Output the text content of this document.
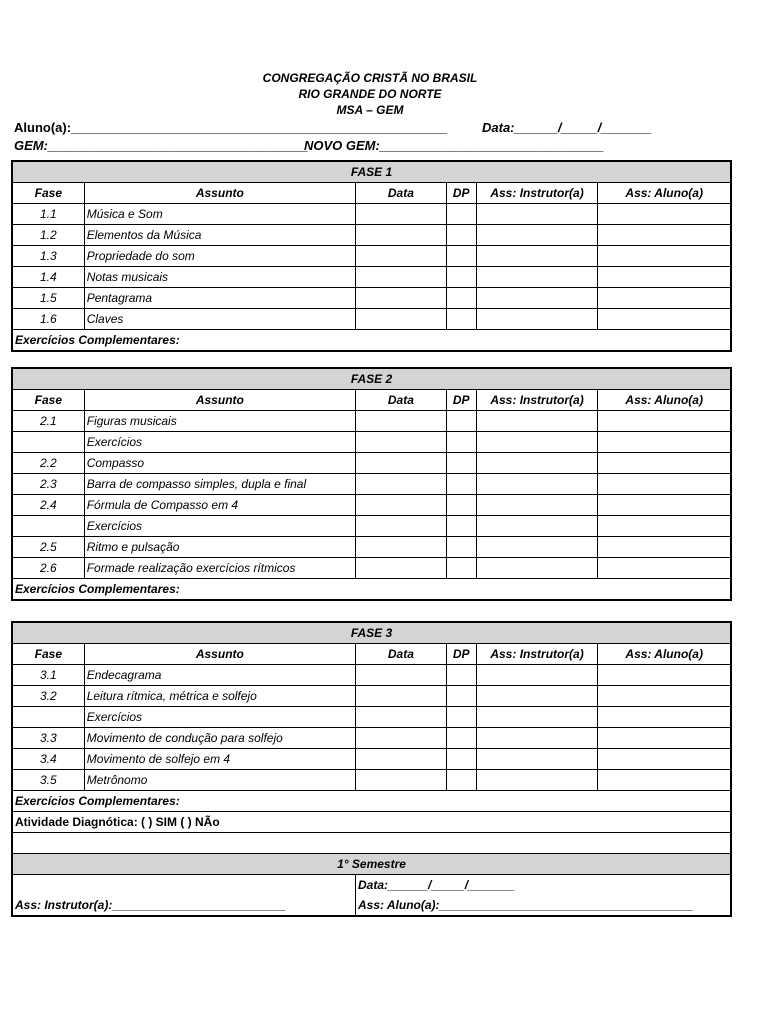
CONGREGAÇÃO CRISTÃ NO BRASIL
RIO GRANDE DO NORTE
MSA – GEM
Aluno(a):____________________________________________________	Data:______/_____/_______
GEM:____________________________________
NOVO GEM:_______________________________
FASE 1					
Fase	Assunto	Data	DP	Ass: Instrutor(a)	Ass: Aluno(a)
1.1	Música e Som				
1.2	Elementos da Música				
1.3	Propriedade do som				
1.4	Notas musicais				
1.5	Pentagrama				
1.6	Claves				
Exercícios Complementares:					
FASE 2					
Fase	Assunto	Data	DP	Ass: Instrutor(a)	Ass: Aluno(a)
2.1	Figuras musicais				
	Exercícios				
2.2	Compasso				
2.3	Barra de compasso simples, dupla e final				
2.4	Fórmula de Compasso em 4				
	Exercícios				
2.5	Ritmo e pulsação				
2.6	Formade realização exercícios rítmicos				
Exercícios Complementares:					
FASE 3					
Fase	Assunto	Data	DP	Ass: Instrutor(a)	Ass: Aluno(a)
3.1	Endecagrama				
3.2	Leitura rítmica, métrica e solfejo				
	Exercícios				
3.3	Movimento de condução para solfejo				
3.4	Movimento de solfejo em 4				
3.5	Metrônomo				
Exercícios Complementares:					
Atividade Diagnótica: ( ) SIM ( ) NÃo					

1° Semestre					
		Data:______/_____/_______			
Ass: Instrutor(a):__________________________		Ass: Aluno(a):______________________________________			
